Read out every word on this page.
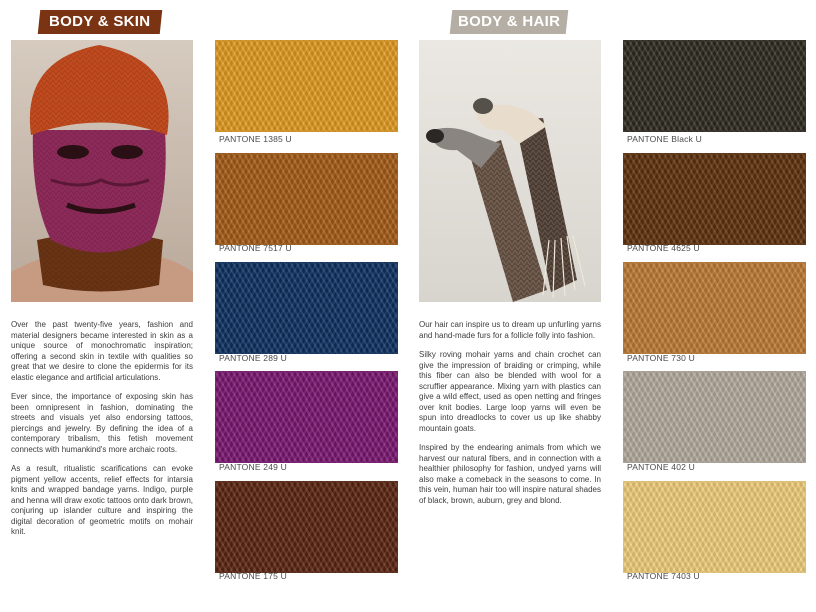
BODY & SKIN	BODY & HAIR

Over the past twenty-five years, fashion and material designers became interested in skin as a unique source of monochromatic inspiration; offering a second skin in textile with qualities so great that we desire to clone the epidermis for its elastic elegance and artificial articulations.

Ever since, the importance of exposing skin has been omnipresent in fashion, dominating the streets and visuals yet also endorsing tattoos, piercings and jewelry. By defining the idea of a contemporary tribalism, this fetish movement connects with humankind's more archaic roots.

As a result, ritualistic scarifications can evoke pigment yellow accents, relief effects for intarsia knits and wrapped bandage yarns. Indigo, purple and henna will draw exotic tattoos onto dark brown, conjuring up islander culture and inspiring the digital decoration of geometric motifs on mohair knit.

Our hair can inspire us to dream up unfurling yarns and hand-made furs for a follicle folly into fashion.

Silky roving mohair yarns and chain crochet can give the impression of braiding or crimping, while this fiber can also be blended with wool for a scruffier appearance. Mixing yarn with plastics can give a wild effect, used as open netting and fringes over knit bodies. Large loop yarns will even be spun into dreadlocks to cover us up like shabby mountain goats.

Inspired by the endearing animals from which we harvest our natural fibers, and in connection with a healthier philosophy for fashion, undyed yarns will also make a comeback in the seasons to come. In this vein, human hair too will inspire natural shades of black, brown, auburn, grey and blond.

PANTONE 1385 U
PANTONE 7517 U
PANTONE 289 U
PANTONE 249 U
PANTONE 175 U
PANTONE Black U
PANTONE 4625 U
PANTONE 730 U
PANTONE 402 U
PANTONE 7403 U
